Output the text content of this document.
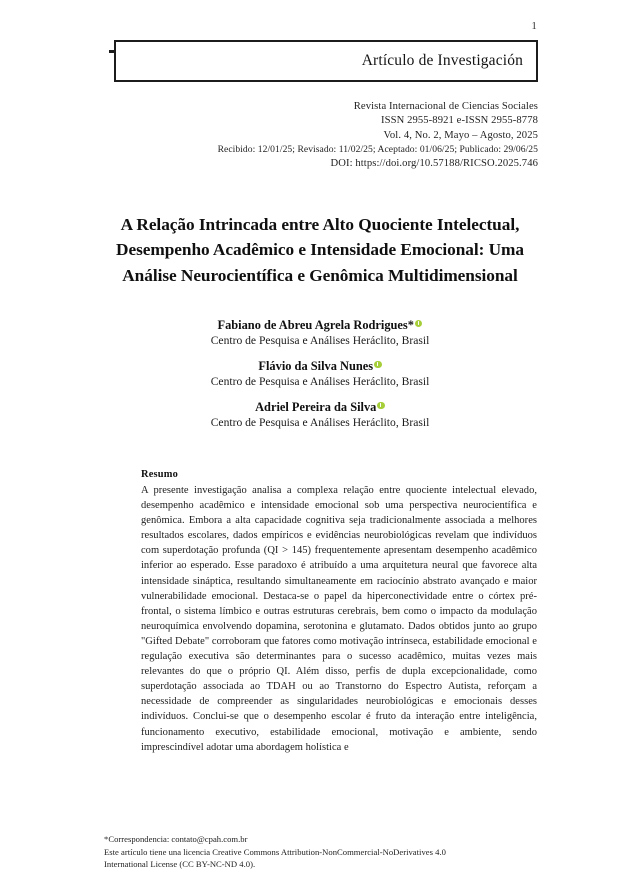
1
Artículo de Investigación
Revista Internacional de Ciencias Sociales
ISSN 2955-8921 e-ISSN 2955-8778
Vol. 4, No. 2, Mayo – Agosto, 2025
Recibido: 12/01/25; Revisado: 11/02/25; Aceptado: 01/06/25; Publicado: 29/06/25
DOI: https://doi.org/10.57188/RICSO.2025.746
A Relação Intrincada entre Alto Quociente Intelectual, Desempenho Acadêmico e Intensidade Emocional: Uma Análise Neurocientífica e Genômica Multidimensional
Fabiano de Abreu Agrela Rodrigues*
Centro de Pesquisa e Análises Heráclito, Brasil
Flávio da Silva Nunes
Centro de Pesquisa e Análises Heráclito, Brasil
Adriel Pereira da Silva
Centro de Pesquisa e Análises Heráclito, Brasil
Resumo
A presente investigação analisa a complexa relação entre quociente intelectual elevado, desempenho acadêmico e intensidade emocional sob uma perspectiva neurocientífica e genômica. Embora a alta capacidade cognitiva seja tradicionalmente associada a melhores resultados escolares, dados empíricos e evidências neurobiológicas revelam que indivíduos com superdotação profunda (QI > 145) frequentemente apresentam desempenho acadêmico inferior ao esperado. Esse paradoxo é atribuído a uma arquitetura neural que favorece alta intensidade sináptica, resultando simultaneamente em raciocínio abstrato avançado e maior vulnerabilidade emocional. Destaca-se o papel da hiperconectividade entre o córtex pré-frontal, o sistema límbico e outras estruturas cerebrais, bem como o impacto da modulação neuroquímica envolvendo dopamina, serotonina e glutamato. Dados obtidos junto ao grupo "Gifted Debate" corroboram que fatores como motivação intrínseca, estabilidade emocional e regulação executiva são determinantes para o sucesso acadêmico, muitas vezes mais relevantes do que o próprio QI. Além disso, perfis de dupla excepcionalidade, como superdotação associada ao TDAH ou ao Transtorno do Espectro Autista, reforçam a necessidade de compreender as singularidades neurobiológicas e emocionais desses indivíduos. Conclui-se que o desempenho escolar é fruto da interação entre inteligência, funcionamento executivo, estabilidade emocional, motivação e ambiente, sendo imprescindível adotar uma abordagem holística e
*Correspondencia: contato@cpah.com.br
Este artículo tiene una licencia Creative Commons Attribution-NonCommercial-NoDerivatives 4.0
International License (CC BY-NC-ND 4.0).
